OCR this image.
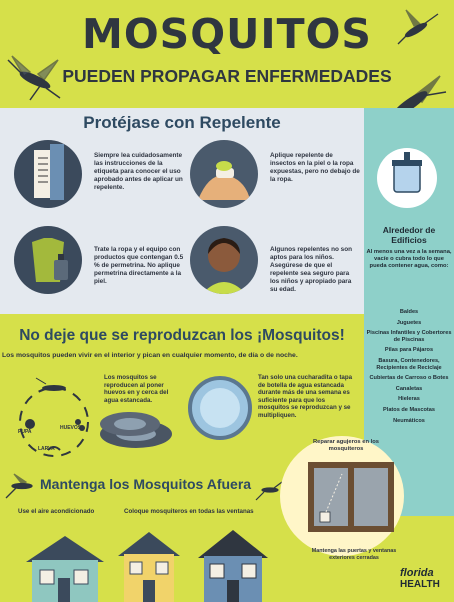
MOSQUITOS
PUEDEN PROPAGAR ENFERMEDADES
Protéjase con Repelente
Siempre lea cuidadosamente las instrucciones de la etiqueta para conocer el uso aprobado antes de aplicar un repelente.
Aplique repelente de insectos en la piel o la ropa expuestas, pero no debajo de la ropa.
Trate la ropa y el equipo con productos que contengan 0.5 % de permetrina. No aplique permetrina directamente a la piel.
Algunos repelentes no son aptos para los niños. Asegúrese de que el repelente sea seguro para los niños y apropiado para su edad.
Alrededor de Edificios
Al menos una vez a la semana, vacíe o cubra todo lo que pueda contener agua, como:
Baldes
Juguetes
Piscinas Infantiles y Cobertores de Piscinas
Pilas para Pájaros
Basura, Contenedores, Recipientes de Reciclaje
Cubiertas de Carroso o Botes
Canaletas
Hieleras
Platos de Mascotas
Neumáticos
No deje que se reproduzcan los ¡Mosquitos!
Los mosquitos pueden vivir en el interior y pican en cualquier momento, de día o de noche.
PUPA
HUEVOS
LARVA
Los mosquitos se reproducen al poner huevos en y cerca del agua estancada.
Tan solo una cucharadita o tapa de botella de agua estancada durante más de una semana es suficiente para que los mosquitos se reproduzcan y se multipliquen.
Mantenga los Mosquitos Afuera
Use el aire acondicionado	Coloque mosquiteros en todas las ventanas
Reparar agujeros en los mosquiteros
Mantenga las puertas y ventanas exteriores cerradas
florida
HEALTH
